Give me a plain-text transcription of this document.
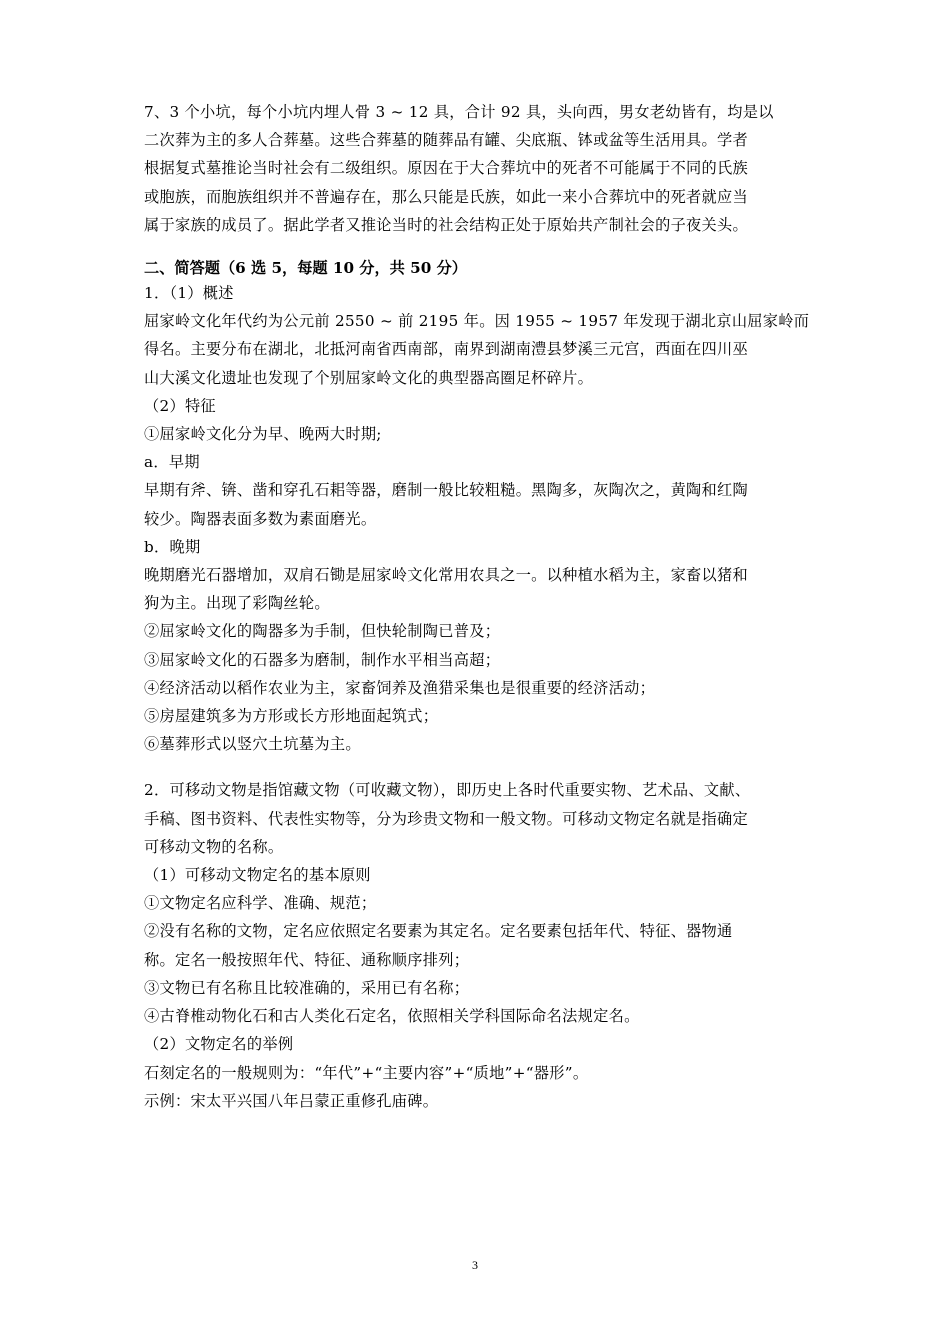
7、3 个小坑，每个小坑内埋人骨 3 ~ 12 具，合计 92 具，头向西，男女老幼皆有，均是以
二次葬为主的多人合葬墓。这些合葬墓的随葬品有罐、尖底瓶、钵或盆等生活用具。学者
根据复式墓推论当时社会有二级组织。原因在于大合葬坑中的死者不可能属于不同的氏族
或胞族，而胞族组织并不普遍存在，那么只能是氏族，如此一来小合葬坑中的死者就应当
属于家族的成员了。据此学者又推论当时的社会结构正处于原始共产制社会的子夜关头。
二、简答题（6 选 5，每题 10 分，共 50 分）
1．（1）概述
屈家岭文化年代约为公元前 2550 ~ 前 2195 年。因 1955 ~ 1957 年发现于湖北京山屈家岭而
得名。主要分布在湖北，北抵河南省西南部，南界到湖南澧县梦溪三元宫，西面在四川巫
山大溪文化遗址也发现了个别屈家岭文化的典型器高圈足杯碎片。
（2）特征
①屈家岭文化分为早、晚两大时期;
a．早期
早期有斧、锛、凿和穿孔石耜等器，磨制一般比较粗糙。黑陶多，灰陶次之，黄陶和红陶
较少。陶器表面多数为素面磨光。
b．晚期
晚期磨光石器增加，双肩石锄是屈家岭文化常用农具之一。以种植水稻为主，家畜以猪和
狗为主。出现了彩陶丝轮。
②屈家岭文化的陶器多为手制，但快轮制陶已普及；
③屈家岭文化的石器多为磨制，制作水平相当高超；
④经济活动以稻作农业为主，家畜饲养及渔猎采集也是很重要的经济活动；
⑤房屋建筑多为方形或长方形地面起筑式；
⑥墓葬形式以竖穴土坑墓为主。
2．可移动文物是指馆藏文物（可收藏文物），即历史上各时代重要实物、艺术品、文献、
手稿、图书资料、代表性实物等，分为珍贵文物和一般文物。可移动文物定名就是指确定
可移动文物的名称。
（1）可移动文物定名的基本原则
①文物定名应科学、准确、规范；
②没有名称的文物，定名应依照定名要素为其定名。定名要素包括年代、特征、器物通
称。定名一般按照年代、特征、通称顺序排列；
③文物已有名称且比较准确的，采用已有名称；
④古脊椎动物化石和古人类化石定名，依照相关学科国际命名法规定名。
（2）文物定名的举例
石刻定名的一般规则为：“年代”+“主要内容”+“质地”+“器形”。
示例：宋太平兴国八年吕蒙正重修孔庙碑。
3
